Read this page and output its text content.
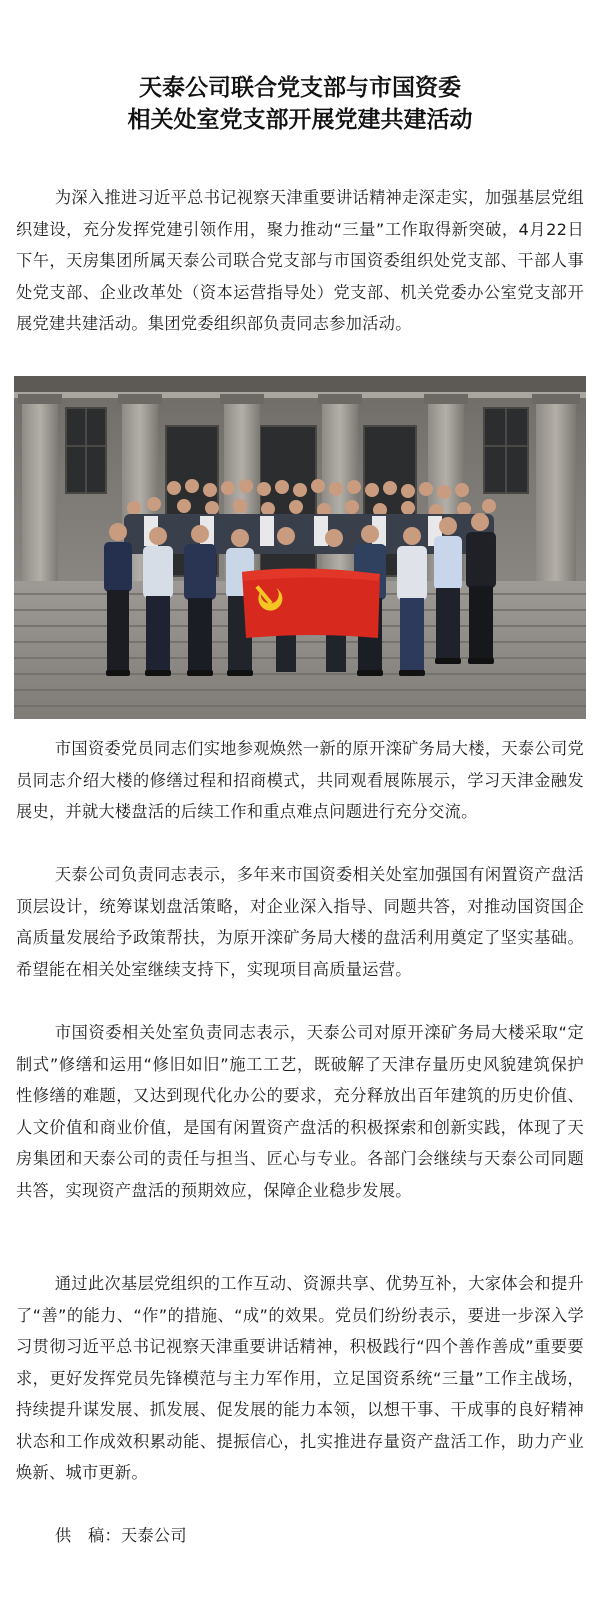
天泰公司联合党支部与市国资委
相关处室党支部开展党建共建活动
为深入推进习近平总书记视察天津重要讲话精神走深走实，加强基层党组织建设，充分发挥党建引领作用，聚力推动“三量”工作取得新突破，4月22日下午，天房集团所属天泰公司联合党支部与市国资委组织处党支部、干部人事处党支部、企业改革处（资本运营指导处）党支部、机关党委办公室党支部开展党建共建活动。集团党委组织部负责同志参加活动。
市国资委党员同志们实地参观焕然一新的原开滦矿务局大楼，天泰公司党员同志介绍大楼的修缮过程和招商模式，共同观看展陈展示，学习天津金融发展史，并就大楼盘活的后续工作和重点难点问题进行充分交流。
天泰公司负责同志表示，多年来市国资委相关处室加强国有闲置资产盘活顶层设计，统筹谋划盘活策略，对企业深入指导、同题共答，对推动国资国企高质量发展给予政策帮扶，为原开滦矿务局大楼的盘活利用奠定了坚实基础。希望能在相关处室继续支持下，实现项目高质量运营。
市国资委相关处室负责同志表示，天泰公司对原开滦矿务局大楼采取“定制式”修缮和运用“修旧如旧”施工工艺，既破解了天津存量历史风貌建筑保护性修缮的难题，又达到现代化办公的要求，充分释放出百年建筑的历史价值、人文价值和商业价值，是国有闲置资产盘活的积极探索和创新实践，体现了天房集团和天泰公司的责任与担当、匠心与专业。各部门会继续与天泰公司同题共答，实现资产盘活的预期效应，保障企业稳步发展。
通过此次基层党组织的工作互动、资源共享、优势互补，大家体会和提升了“善”的能力、“作”的措施、“成”的效果。党员们纷纷表示，要进一步深入学习贯彻习近平总书记视察天津重要讲话精神，积极践行“四个善作善成”重要要求，更好发挥党员先锋模范与主力军作用，立足国资系统“三量”工作主战场，持续提升谋发展、抓发展、促发展的能力本领，以想干事、干成事的良好精神状态和工作成效积累动能、提振信心，扎实推进存量资产盘活工作，助力产业焕新、城市更新。
供　稿：天泰公司
